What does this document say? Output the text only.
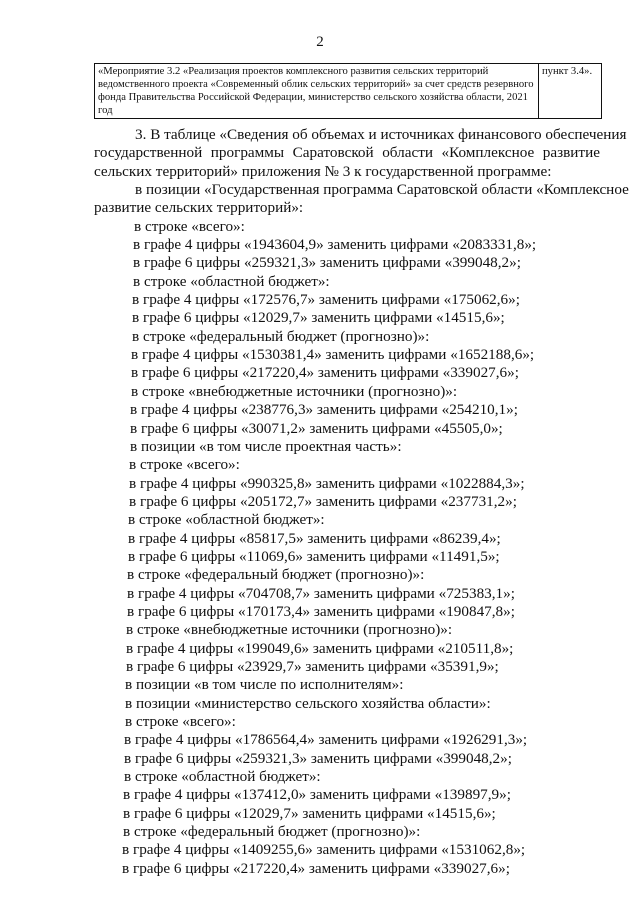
2
«Мероприятие 3.2 «Реализация проектов комплексного развития сельских территорий ведомственного проекта «Современный облик сельских территорий» за счет средств резервного фонда Правительства Российской Федерации, министерство сельского хозяйства области, 2021 год	пункт 3.4».
3. В таблице «Сведения об объемах и источниках финансового обеспечения
государственной программы Саратовской области «Комплексное развитие
сельских территорий» приложения № 3 к государственной программе:
в позиции «Государственная программа Саратовской области «Комплексное
развитие сельских территорий»:
в строке «всего»:
в графе 4 цифры «1943604,9» заменить цифрами «2083331,8»;
в графе 6 цифры «259321,3» заменить цифрами «399048,2»;
в строке «областной бюджет»:
в графе 4 цифры «172576,7» заменить цифрами «175062,6»;
в графе 6 цифры «12029,7» заменить цифрами «14515,6»;
в строке «федеральный бюджет (прогнозно)»:
в графе 4 цифры «1530381,4» заменить цифрами «1652188,6»;
в графе 6 цифры «217220,4» заменить цифрами «339027,6»;
в строке «внебюджетные источники (прогнозно)»:
в графе 4 цифры «238776,3» заменить цифрами «254210,1»;
в графе 6 цифры «30071,2» заменить цифрами «45505,0»;
в позиции «в том числе проектная часть»:
в строке «всего»:
в графе 4 цифры «990325,8» заменить цифрами «1022884,3»;
в графе 6 цифры «205172,7» заменить цифрами «237731,2»;
в строке «областной бюджет»:
в графе 4 цифры «85817,5» заменить цифрами «86239,4»;
в графе 6 цифры «11069,6» заменить цифрами «11491,5»;
в строке «федеральный бюджет (прогнозно)»:
в графе 4 цифры «704708,7» заменить цифрами «725383,1»;
в графе 6 цифры «170173,4» заменить цифрами «190847,8»;
в строке «внебюджетные источники (прогнозно)»:
в графе 4 цифры «199049,6» заменить цифрами «210511,8»;
в графе 6 цифры «23929,7» заменить цифрами «35391,9»;
в позиции «в том числе по исполнителям»:
в позиции «министерство сельского хозяйства области»:
в строке «всего»:
в графе 4 цифры «1786564,4» заменить цифрами «1926291,3»;
в графе 6 цифры «259321,3» заменить цифрами «399048,2»;
в строке «областной бюджет»:
в графе 4 цифры «137412,0» заменить цифрами «139897,9»;
в графе 6 цифры «12029,7» заменить цифрами «14515,6»;
в строке «федеральный бюджет (прогнозно)»:
в графе 4 цифры «1409255,6» заменить цифрами «1531062,8»;
в графе 6 цифры «217220,4» заменить цифрами «339027,6»;
